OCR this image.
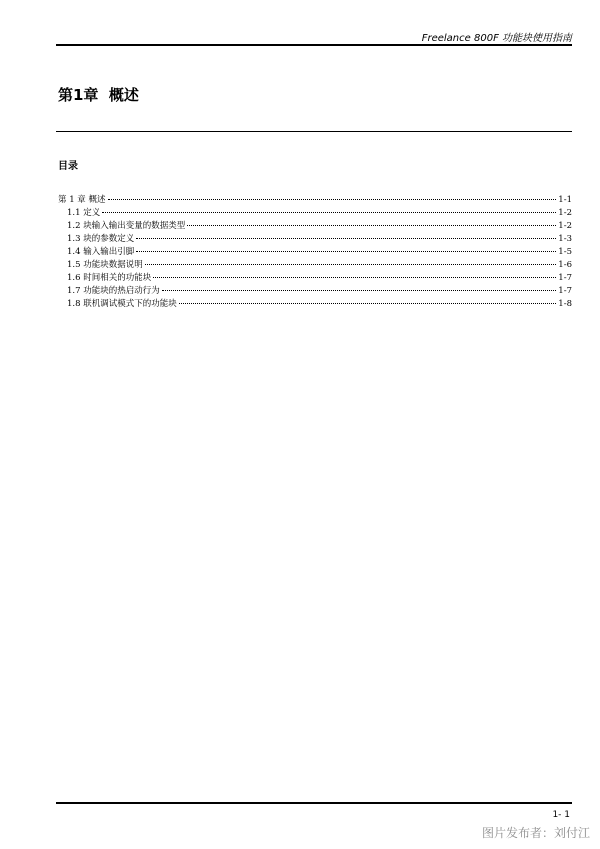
Freelance 800F 功能块使用指南
第1章  概述
目录
第 1 章 概述	1-1
1.1 定义	1-2
1.2 块输入输出变量的数据类型	1-2
1.3 块的参数定义	1-3
1.4 输入输出引脚	1-5
1.5 功能块数据说明	1-6
1.6 时间相关的功能块	1-7
1.7 功能块的热启动行为	1-7
1.8 联机调试模式下的功能块	1-8
1- 1
图片发布者：刘付江
